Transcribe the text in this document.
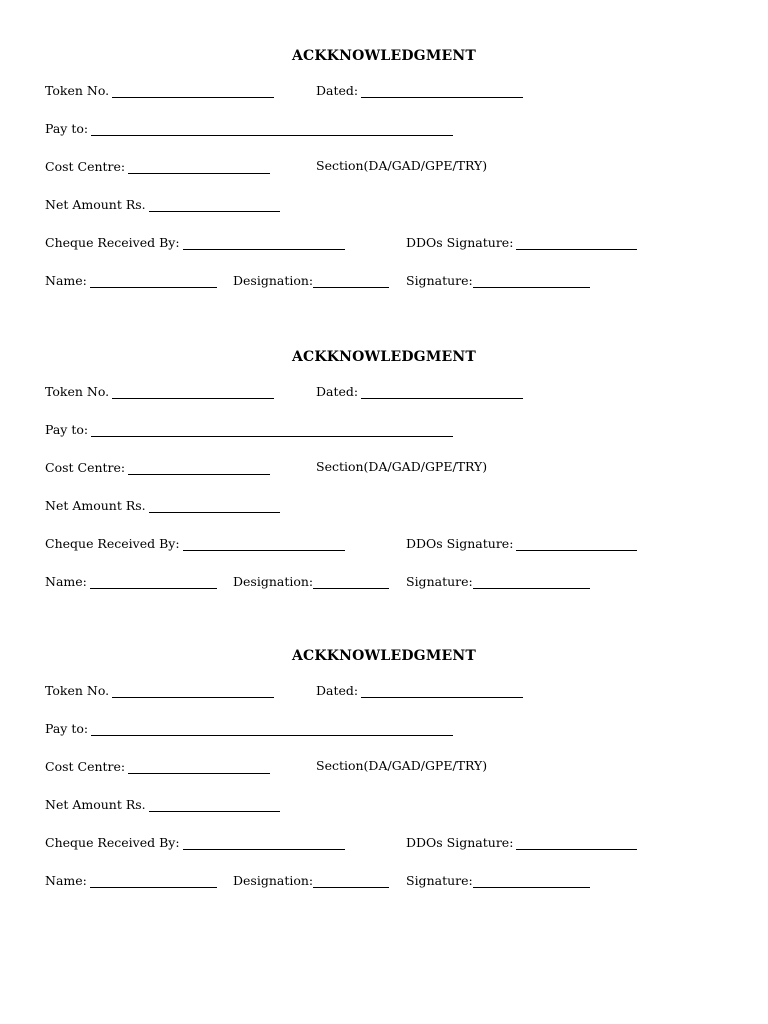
ACKKNOWLEDGMENT
Token No.	Dated:
Pay to:
Cost Centre:	Section(DA/GAD/GPE/TRY)
Net Amount Rs.
Cheque Received By:	DDOs Signature:
Name:	Designation:	Signature:
ACKKNOWLEDGMENT
Token No.	Dated:
Pay to:
Cost Centre:	Section(DA/GAD/GPE/TRY)
Net Amount Rs.
Cheque Received By:	DDOs Signature:
Name:	Designation:	Signature:
ACKKNOWLEDGMENT
Token No.	Dated:
Pay to:
Cost Centre:	Section(DA/GAD/GPE/TRY)
Net Amount Rs.
Cheque Received By:	DDOs Signature:
Name:	Designation:	Signature:
